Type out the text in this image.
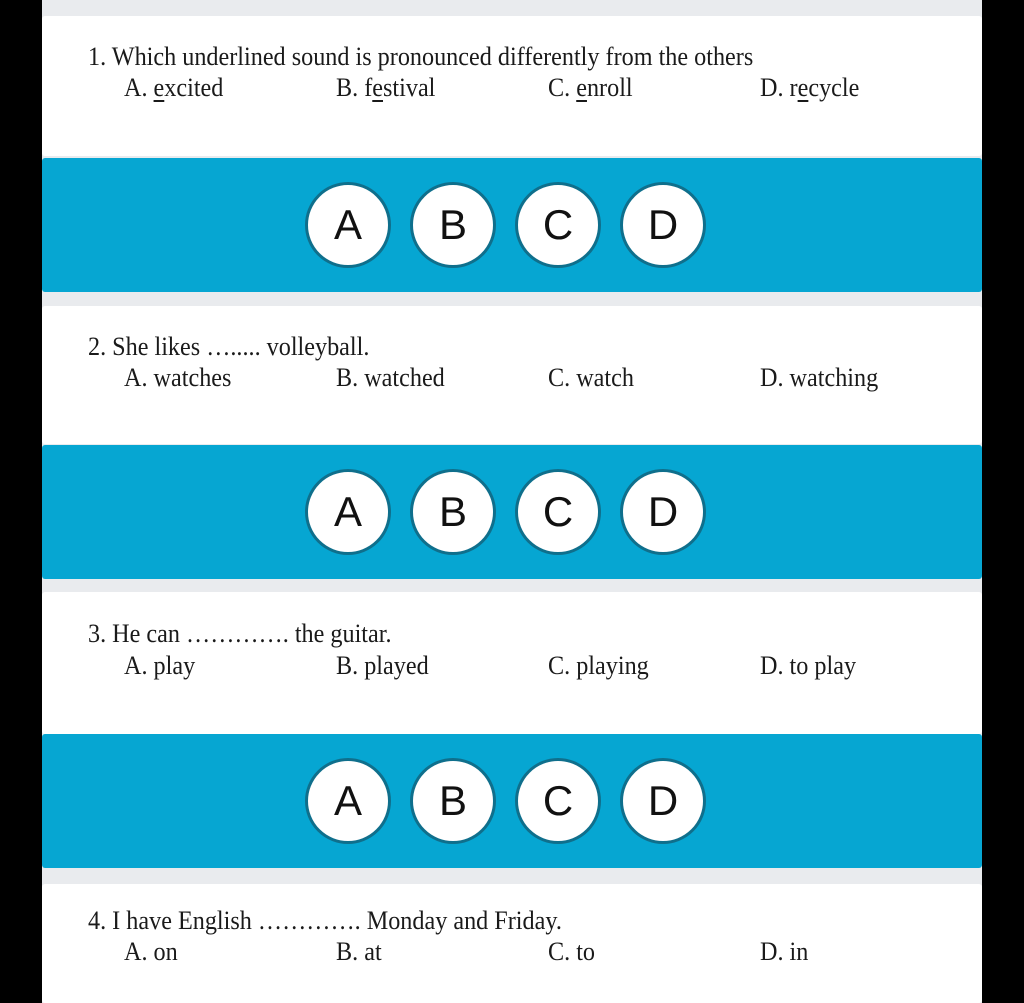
1. Which underlined sound is pronounced differently from the others
A. excited	B. festival	C. enroll	D. recycle
A	B	C	D
2. She likes …..... volleyball.
A. watches	B. watched	C. watch	D. watching
A	B	C	D
3. He can …………. the guitar.
A. play	B. played	C. playing	D. to play
A	B	C	D
4. I have English …………. Monday and Friday.
A. on	B. at	C. to	D. in
